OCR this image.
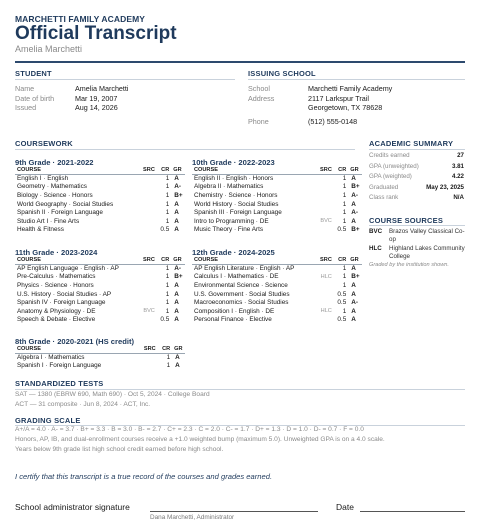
MARCHETTI FAMILY ACADEMY
Official Transcript
Amelia Marchetti
STUDENT
Name	Amelia Marchetti
Date of birth	Mar 19, 2007
Issued	Aug 14, 2026
ISSUING SCHOOL
School	Marchetti Family Academy
Address	2117 Larkspur Trail
Georgetown, TX 78628
Phone	(512) 555-0148
COURSEWORK
9th Grade · 2021-2022
COURSE	SRC	CR	GR
English I · English		1	A
Geometry · Mathematics		1	A-
Biology · Science · Honors		1	B+
World Geography · Social Studies		1	A
Spanish II · Foreign Language		1	A
Studio Art I · Fine Arts		1	A
Health & Fitness		0.5	A
10th Grade · 2022-2023
COURSE	SRC	CR	GR
English II · English · Honors		1	A
Algebra II · Mathematics		1	B+
Chemistry · Science · Honors		1	A-
World History · Social Studies		1	A
Spanish III · Foreign Language		1	A-
Intro to Programming · DE	BVC	1	A
Music Theory · Fine Arts		0.5	B+
11th Grade · 2023-2024
COURSE	SRC	CR	GR
AP English Language · English · AP		1	A-
Pre-Calculus · Mathematics		1	B+
Physics · Science · Honors		1	A
U.S. History · Social Studies · AP		1	A
Spanish IV · Foreign Language		1	A
Anatomy & Physiology · DE	BVC	1	A
Speech & Debate · Elective		0.5	A
12th Grade · 2024-2025
COURSE	SRC	CR	GR
AP English Literature · English · AP		1	A
Calculus I · Mathematics · DE	HLC	1	B+
Environmental Science · Science		1	A
U.S. Government · Social Studies		0.5	A
Macroeconomics · Social Studies		0.5	A-
Composition I · English · DE	HLC	1	A
Personal Finance · Elective		0.5	A
8th Grade · 2020-2021 (HS credit)
COURSE	SRC	CR	GR
Algebra I · Mathematics		1	A
Spanish I · Foreign Language		1	A
ACADEMIC SUMMARY
Credits earned	27
GPA (unweighted)	3.81
GPA (weighted)	4.22
Graduated	May 23, 2025
Class rank	N/A
COURSE SOURCES
BVC	Brazos Valley Classical Co-op
HLC	Highland Lakes Community College
Graded by the institution shown.
STANDARDIZED TESTS
SAT — 1380 (EBRW 690, Math 690) · Oct 5, 2024 · College Board
ACT — 31 composite · Jun 8, 2024 · ACT, Inc.
GRADING SCALE
A+/A = 4.0 · A- = 3.7 · B+ = 3.3 · B = 3.0 · B- = 2.7 · C+ = 2.3 · C = 2.0 · C- = 1.7 · D+ = 1.3 · D = 1.0 · D- = 0.7 · F = 0.0
Honors, AP, IB, and dual-enrollment courses receive a +1.0 weighted bump (maximum 5.0). Unweighted GPA is on a 4.0 scale.
Years below 9th grade list high school credit earned before high school.
I certify that this transcript is a true record of the courses and grades earned.
School administrator signature
Dana Marchetti, Administrator
Date
